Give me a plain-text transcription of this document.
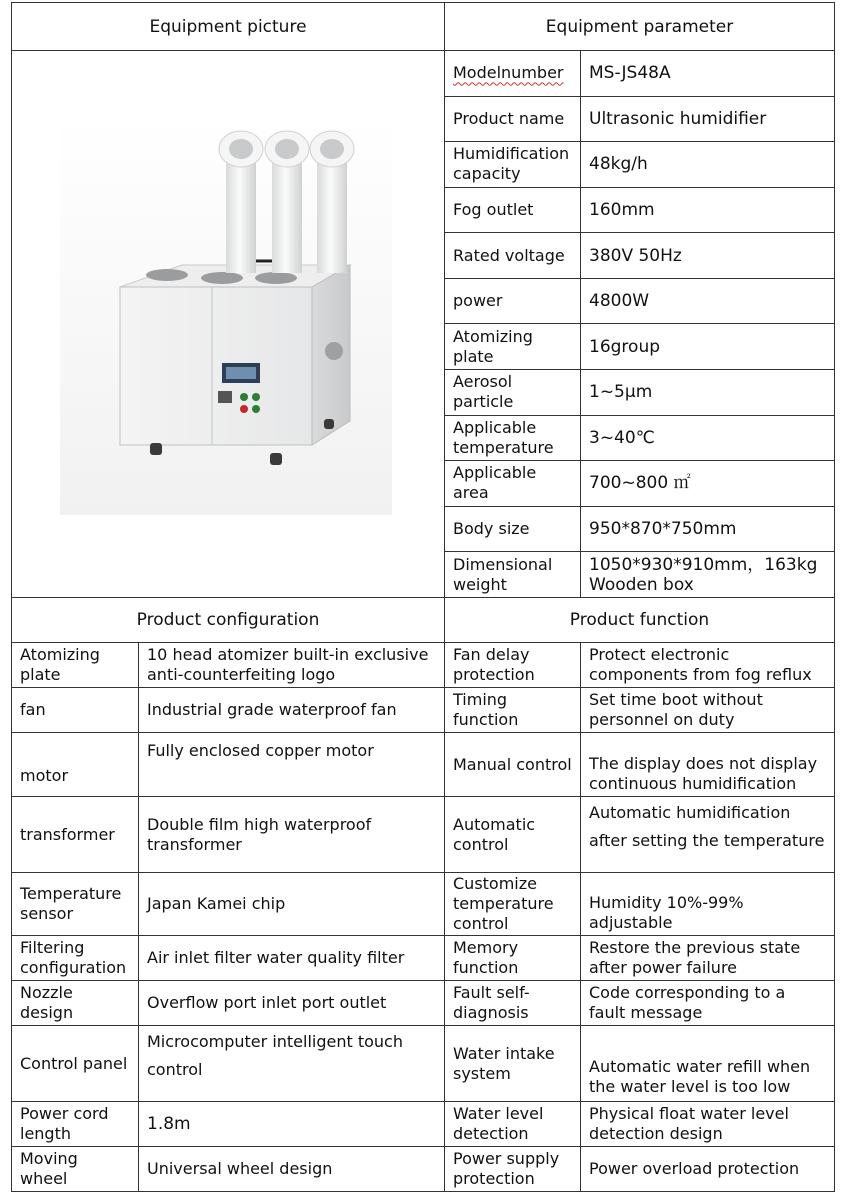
Equipment picture		Equipment parameter	
	Modelnumber	MS-JS48A
		Product name	Ultrasonic humidifier
		Humidification capacity	48kg/h
		Fog outlet	160mm
		Rated voltage	380V 50Hz
		power	4800W
		Atomizing plate	16group
		Aerosol particle	1~5μm
		Applicable temperature	3~40℃
		Applicable area	700~800 ㎡
		Body size	950*870*750mm
		Dimensional weight	1050*930*910mm，163kg Wooden box
Product configuration		Product function	
Atomizing plate	10 head atomizer built-in exclusive anti-counterfeiting logo	Fan delay protection	Protect electronic components from fog reflux
fan	Industrial grade waterproof fan	Timing function	Set time boot without personnel on duty
motor	Fully enclosed copper motor	Manual control	The display does not display continuous humidification
transformer	Double film high waterproof transformer	Automatic control	Automatic humidification after setting the temperature
Temperature sensor	Japan Kamei chip	Customize temperature control	Humidity 10%-99% adjustable
Filtering configuration	Air inlet filter water quality filter	Memory function	Restore the previous state after power failure
Nozzle design	Overflow port inlet port outlet	Fault self-diagnosis	Code corresponding to a fault message
Control panel	Microcomputer intelligent touch control	Water intake system	Automatic water refill when the water level is too low
Power cord length	1.8m	Water level detection	Physical float water level detection design
Moving wheel	Universal wheel design	Power supply protection	Power overload protection
